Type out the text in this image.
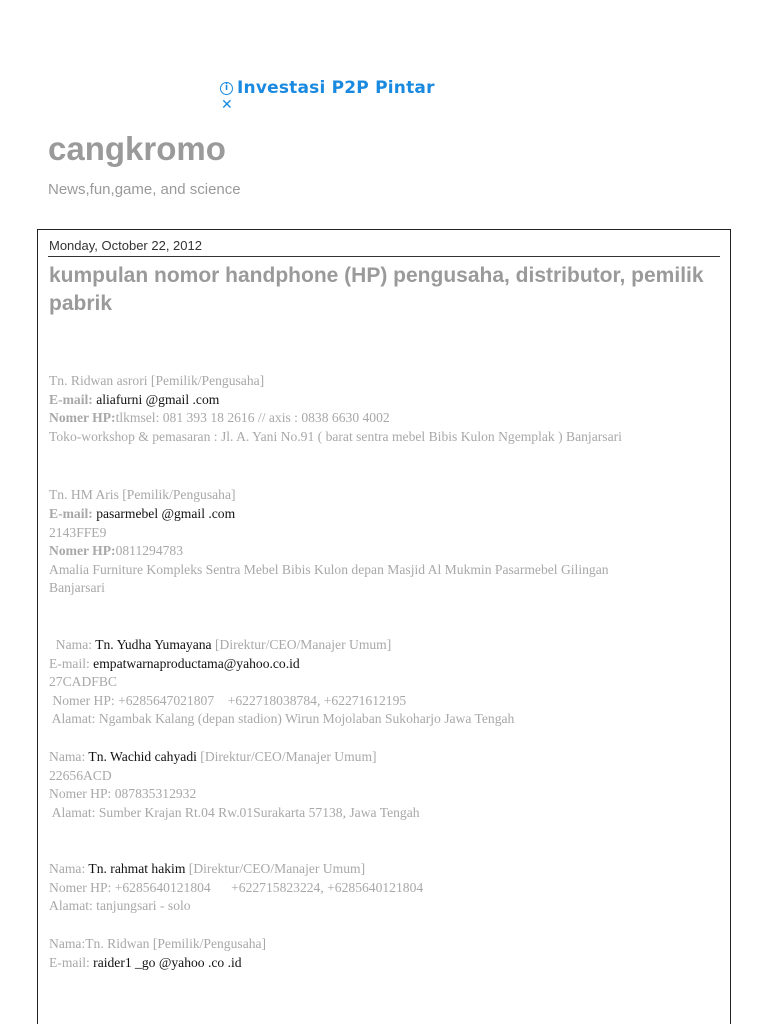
i Investasi P2P Pintar
✕
cangkromo
News,fun,game, and science
Monday, October 22, 2012
kumpulan nomor handphone (HP) pengusaha, distributor, pemilik pabrik
Tn. Ridwan asrori [Pemilik/Pengusaha]
E-mail: aliafurni @gmail .com
Nomer HP:tlkmsel: 081 393 18 2616 // axis : 0838 6630 4002
Toko-workshop & pemasaran : Jl. A. Yani No.91 ( barat sentra mebel Bibis Kulon Ngemplak ) Banjarsari
Tn. HM Aris [Pemilik/Pengusaha]
E-mail: pasarmebel @gmail .com
2143FFE9
Nomer HP:0811294783
Amalia Furniture Kompleks Sentra Mebel Bibis Kulon depan Masjid Al Mukmin Pasarmebel Gilingan
Banjarsari
Nama: Tn. Yudha Yumayana [Direktur/CEO/Manajer Umum]
E-mail: empatwarnaproductama@yahoo.co.id
27CADFBC
Nomer HP: +6285647021807    +622718038784, +62271612195
Alamat: Ngambak Kalang (depan stadion) Wirun Mojolaban Sukoharjo Jawa Tengah
Nama: Tn. Wachid cahyadi [Direktur/CEO/Manajer Umum]
22656ACD
Nomer HP: 087835312932
Alamat: Sumber Krajan Rt.04 Rw.01Surakarta 57138, Jawa Tengah
Nama: Tn. rahmat hakim [Direktur/CEO/Manajer Umum]
Nomer HP: +6285640121804      +622715823224, +6285640121804
Alamat: tanjungsari - solo
Nama:Tn. Ridwan [Pemilik/Pengusaha]
E-mail: raider1 _go @yahoo .co .id
